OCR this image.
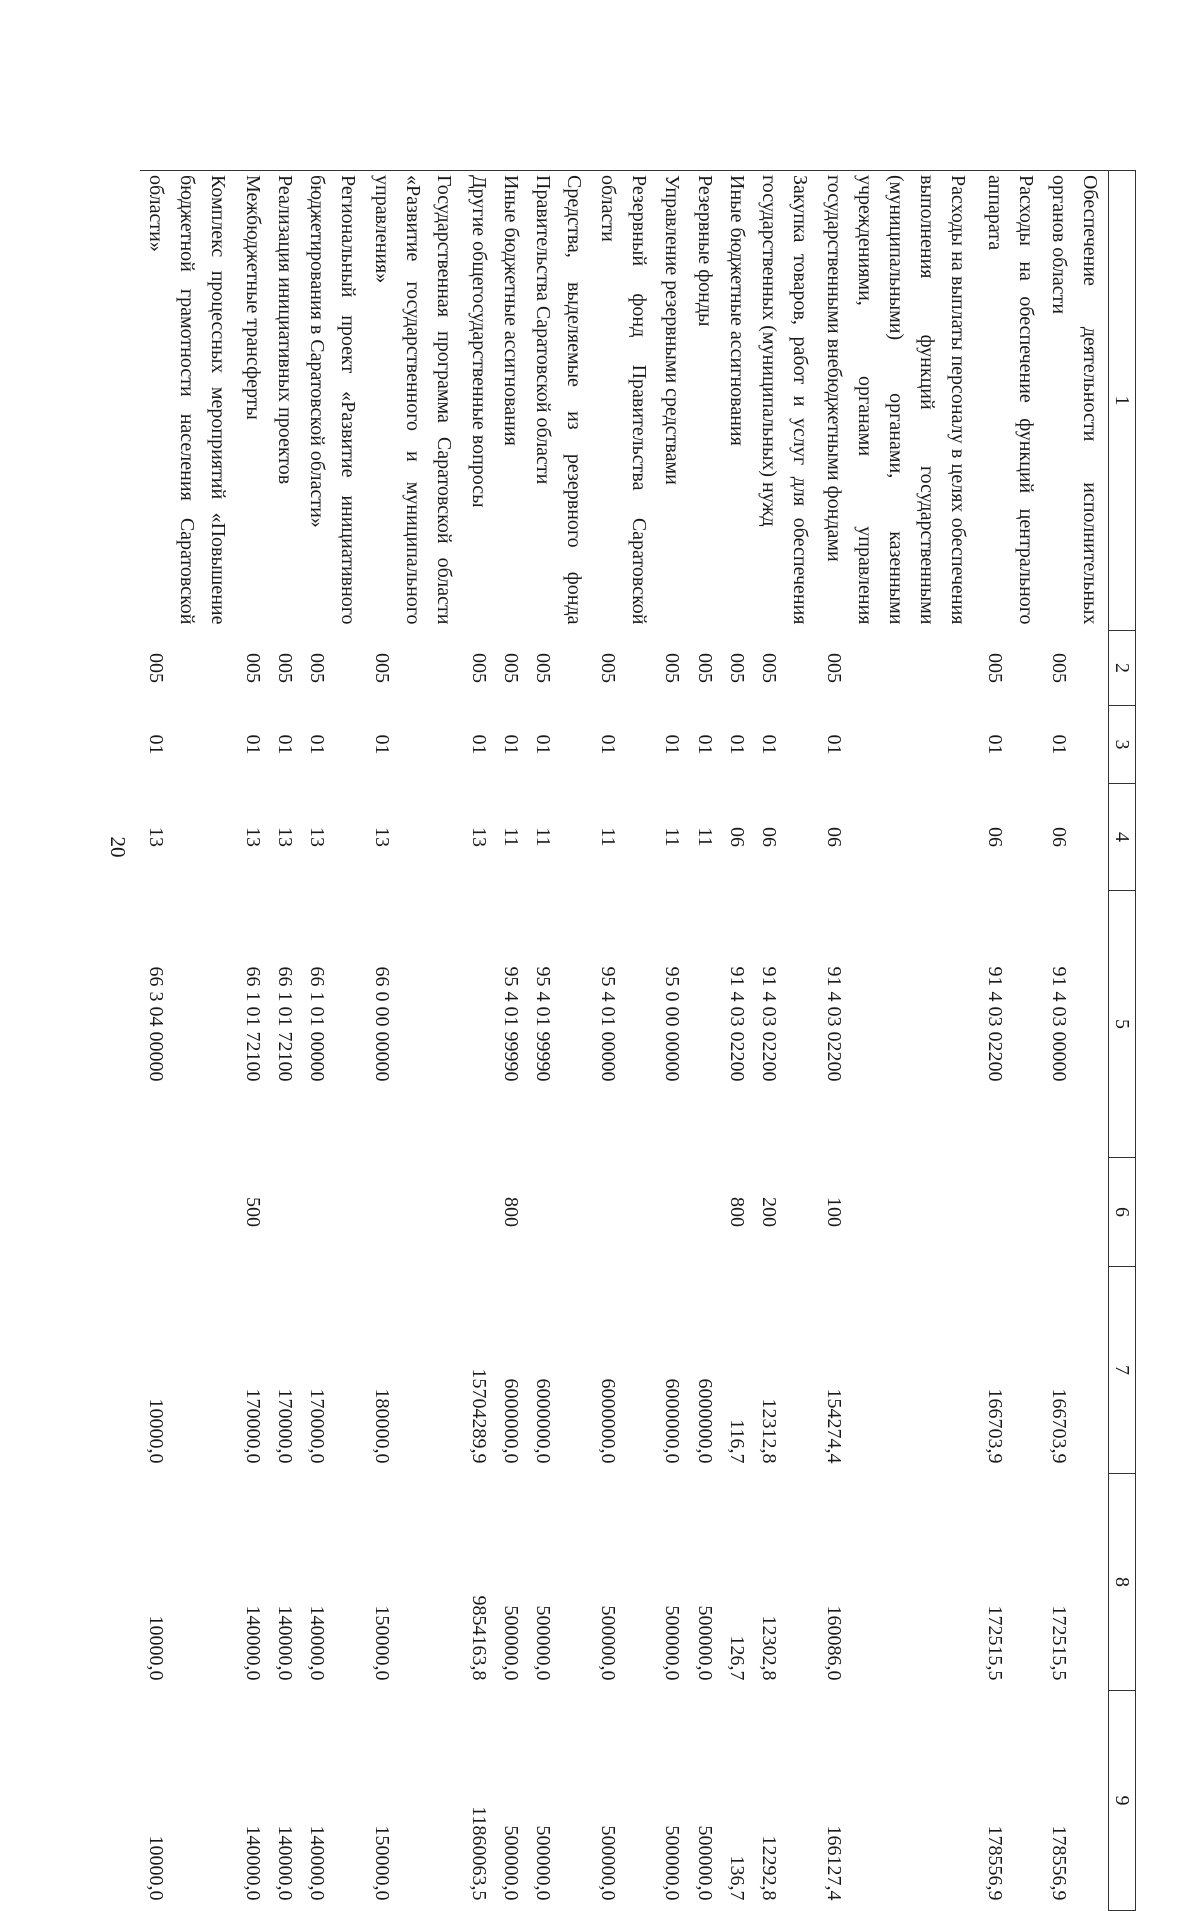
20
1	2	3	4	5	6	7	8	9
Обеспечение деятельности исполнительных органов области	005	01	06	91 4 03 00000		166703,9	172515,5	178556,9
Расходы на обеспечение функций центрального аппарата	005	01	06	91 4 03 02200		166703,9	172515,5	178556,9
Расходы на выплаты персоналу в целях обеспечения выполнения функций государственными (муниципальными) органами, казенными учреждениями, органами управления государственными внебюджетными фондами	005	01	06	91 4 03 02200	100	154274,4	160086,0	166127,4
Закупка товаров, работ и услуг для обеспечения государственных (муниципальных) нужд	005	01	06	91 4 03 02200	200	12312,8	12302,8	12292,8
Иные бюджетные ассигнования	005	01	06	91 4 03 02200	800	116,7	126,7	136,7
Резервные фонды	005	01	11			6000000,0	500000,0	500000,0
Управление резервными средствами	005	01	11	95 0 00 00000		6000000,0	500000,0	500000,0
Резервный фонд Правительства Саратовской области	005	01	11	95 4 01 00000		6000000,0	500000,0	500000,0
Средства, выделяемые из резервного фонда Правительства Саратовской области	005	01	11	95 4 01 99990		6000000,0	500000,0	500000,0
Иные бюджетные ассигнования	005	01	11	95 4 01 99990	800	6000000,0	500000,0	500000,0
Другие общегосударственные вопросы	005	01	13			15704289,9	9854163,8	11860063,5
Государственная программа Саратовской области «Развитие государственного и муниципального управления»	005	01	13	66 0 00 00000		180000,0	150000,0	150000,0
Региональный проект «Развитие инициативного бюджетирования в Саратовской области»	005	01	13	66 1 01 00000		170000,0	140000,0	140000,0
Реализация инициативных проектов	005	01	13	66 1 01 72100		170000,0	140000,0	140000,0
Межбюджетные трансферты	005	01	13	66 1 01 72100	500	170000,0	140000,0	140000,0
Комплекс процессных мероприятий «Повышение бюджетной грамотности населения Саратовской области»	005	01	13	66 3 04 00000		10000,0	10000,0	10000,0
